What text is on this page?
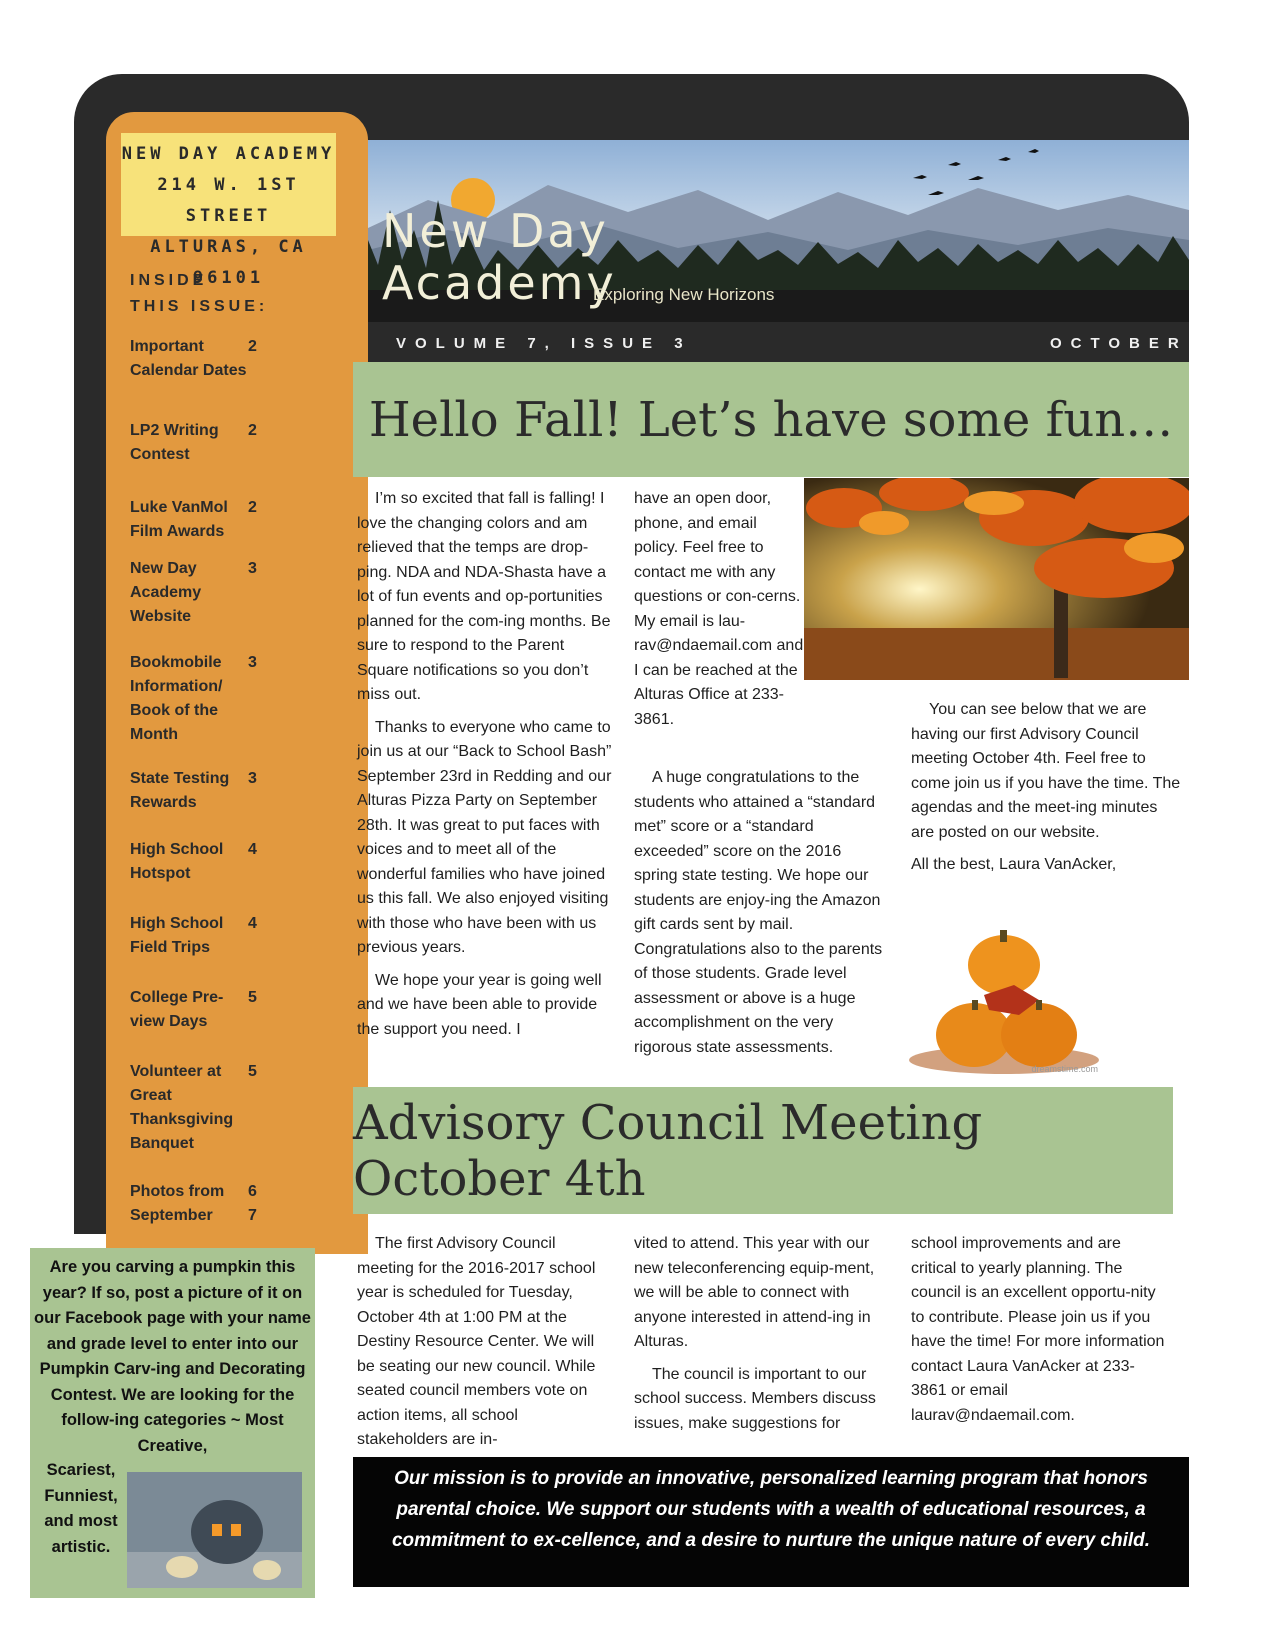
NEW DAY ACADEMY
214 W. 1ST STREET
ALTURAS, CA 96101
INSIDE
THIS ISSUE:
Important Calendar Dates
2
LP2 Writing Contest
2
Luke VanMol Film Awards
2
New Day Academy Website
3
Bookmobile Information/ Book of the Month
3
State Testing Rewards
3
High School Hotspot
4
High School Field Trips
4
College Pre-view Days
5
Volunteer at Great Thanksgiving Banquet
5
Photos from September
6 7
New Day
Academy
Exploring New Horizons
VOLUME 7, ISSUE 3	OCTOBER
Hello Fall! Let’s have some fun…

I’m so excited that fall is falling! I love the changing colors and am relieved that the temps are drop-ping. NDA and NDA-Shasta have a lot of fun events and op-portunities planned for the com-ing months. Be sure to respond to the Parent Square notifications so you don’t miss out.

Thanks to everyone who came to join us at our “Back to School Bash” September 23rd in Redding and our Alturas Pizza Party on September 28th. It was great to put faces with voices and to meet all of the wonderful families who have joined us this fall. We also enjoyed visiting with those who have been with us previous years.

We hope your year is going well and we have been able to provide the support you need. I

have an open door, phone, and email policy. Feel free to contact me with any questions or con-cerns. My email is lau-rav@ndaemail.com and I can be reached at the Alturas Office at 233-3861.

A huge congratulations to the students who attained a “standard met” score or a “standard exceeded” score on the 2016 spring state testing. We hope our students are enjoy-ing the Amazon gift cards sent by mail. Congratulations also to the parents of those students. Grade level assessment or above is a huge accomplishment on the very rigorous state assessments.

You can see below that we are having our first Advisory Council meeting October 4th. Feel free to come join us if you have the time. The agendas and the meet-ing minutes are posted on our website.

All the best, Laura VanAcker,

dreamstime.com
Advisory Council Meeting October 4th

The first Advisory Council meeting for the 2016-2017 school year is scheduled for Tuesday, October 4th at 1:00 PM at the Destiny Resource Center. We will be seating our new council. While seated council members vote on action items, all school stakeholders are in-

vited to attend. This year with our new teleconferencing equip-ment, we will be able to connect with anyone interested in attend-ing in Alturas.

The council is important to our school success. Members discuss issues, make suggestions for

school improvements and are critical to yearly planning. The council is an excellent opportu-nity to contribute. Please join us if you have the time! For more information contact Laura VanAcker at 233-3861 or email laurav@ndaemail.com.

Are you carving a pumpkin this year? If so, post a picture of it on our Facebook page with your name and grade level to enter into our Pumpkin Carv-ing and Decorating Contest. We are looking for the follow-ing categories ~ Most Creative,
Scariest, Funniest, and most artistic.
Our mission is to provide an innovative, personalized learning program that honors parental choice. We support our students with a wealth of educational resources, a commitment to ex-cellence, and a desire to nurture the unique nature of every child.
